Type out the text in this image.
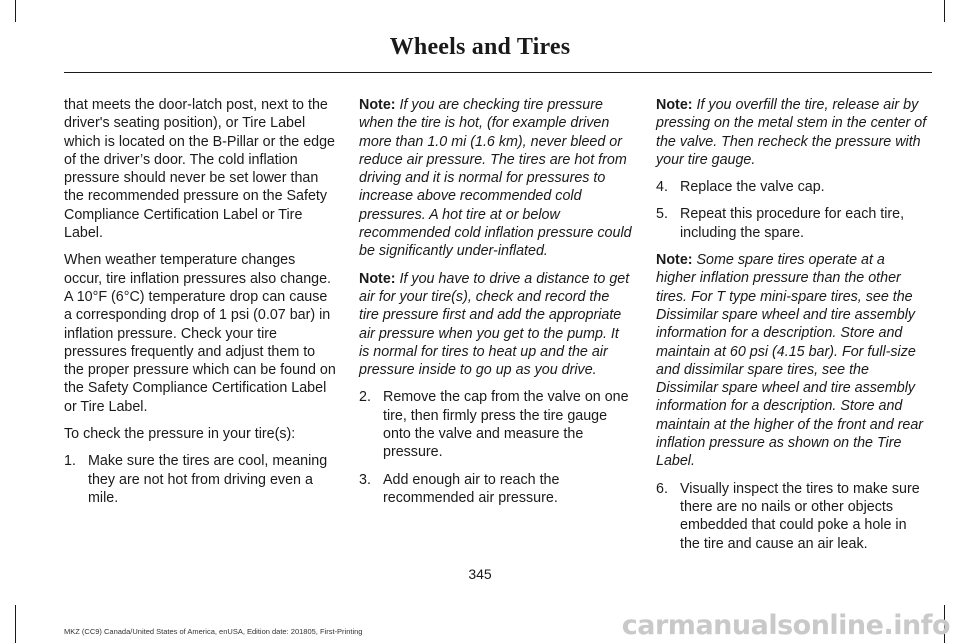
Wheels and Tires

that meets the door-latch post, next to the driver's seating position), or Tire Label which is located on the B-Pillar or the edge of the driver’s door. The cold inflation pressure should never be set lower than the recommended pressure on the Safety Compliance Certification Label or Tire Label.

When weather temperature changes occur, tire inflation pressures also change. A 10°F (6°C) temperature drop can cause a corresponding drop of 1 psi (0.07 bar) in inflation pressure. Check your tire pressures frequently and adjust them to the proper pressure which can be found on the Safety Compliance Certification Label or Tire Label.

To check the pressure in your tire(s):

1. Make sure the tires are cool, meaning they are not hot from driving even a mile.

Note: If you are checking tire pressure when the tire is hot, (for example driven more than 1.0 mi (1.6 km), never bleed or reduce air pressure. The tires are hot from driving and it is normal for pressures to increase above recommended cold pressures. A hot tire at or below recommended cold inflation pressure could be significantly under-inflated.

Note: If you have to drive a distance to get air for your tire(s), check and record the tire pressure first and add the appropriate air pressure when you get to the pump. It is normal for tires to heat up and the air pressure inside to go up as you drive.

2. Remove the cap from the valve on one tire, then firmly press the tire gauge onto the valve and measure the pressure.
3. Add enough air to reach the recommended air pressure.

Note: If you overfill the tire, release air by pressing on the metal stem in the center of the valve. Then recheck the pressure with your tire gauge.

4. Replace the valve cap.
5. Repeat this procedure for each tire, including the spare.

Note: Some spare tires operate at a higher inflation pressure than the other tires. For T type mini-spare tires, see the Dissimilar spare wheel and tire assembly information for a description. Store and maintain at 60 psi (4.15 bar). For full-size and dissimilar spare tires, see the Dissimilar spare wheel and tire assembly information for a description. Store and maintain at the higher of the front and rear inflation pressure as shown on the Tire Label.

6. Visually inspect the tires to make sure there are no nails or other objects embedded that could poke a hole in the tire and cause an air leak.
345
MKZ (CC9) Canada/United States of America, enUSA, Edition date: 201805, First-Printing	carmanualsonline.info
